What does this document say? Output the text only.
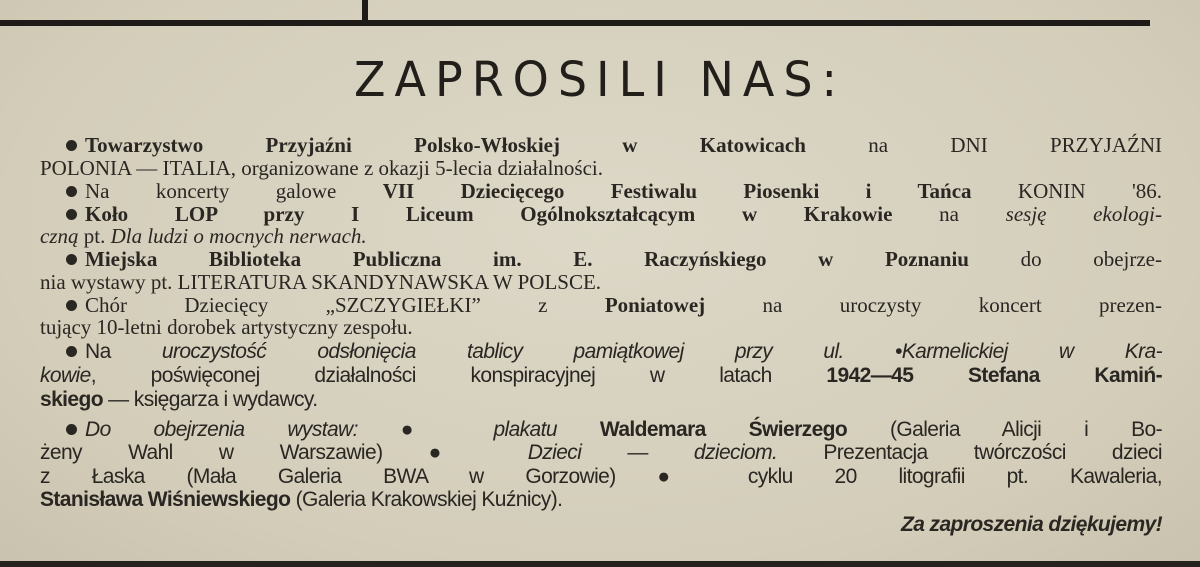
ZAPROSILI NAS:
Towarzystwo Przyjaźni Polsko-Włoskiej w Katowicach na DNI PRZYJAŹNI
POLONIA — ITALIA, organizowane z okazji 5-lecia działalności.
Na koncerty galowe VII Dziecięcego Festiwalu Piosenki i Tańca KONIN '86.
Koło LOP przy I Liceum Ogólnokształcącym w Krakowie na sesję ekologi-
czną pt. Dla ludzi o mocnych nerwach.
Miejska Biblioteka Publiczna im. E. Raczyńskiego w Poznaniu do obejrze-
nia wystawy pt. LITERATURA SKANDYNAWSKA W POLSCE.
Chór Dziecięcy „SZCZYGIEŁKI” z Poniatowej na uroczysty koncert prezen-
tujący 10-letni dorobek artystyczny zespołu.
Na uroczystość odsłonięcia tablicy pamiątkowej przy ul. •Karmelickiej w Kra-
kowie, poświęconej działalności konspiracyjnej w latach 1942—45 Stefana Kamiń-
skiego — księgarza i wydawcy.
Do obejrzenia wystaw: ● plakatu Waldemara Świerzego (Galeria Alicji i Bo-
żeny Wahl w Warszawie) ● Dzieci — dzieciom. Prezentacja twórczości dzieci
z Łaska (Mała Galeria BWA w Gorzowie) ● cyklu 20 litografii pt. Kawaleria,
Stanisława Wiśniewskiego (Galeria Krakowskiej Kuźnicy).
Za zaproszenia dziękujemy!
